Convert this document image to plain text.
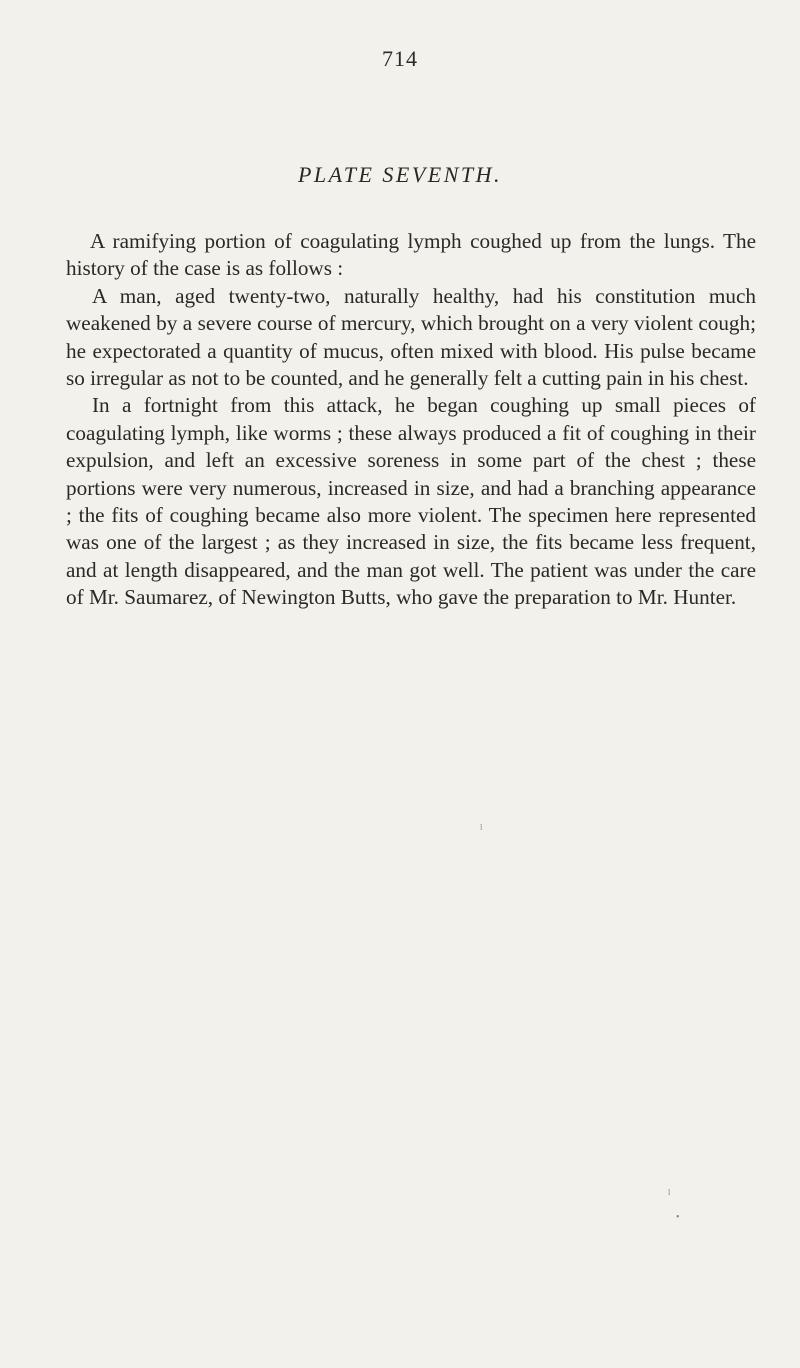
714
PLATE SEVENTH.

A ramifying portion of coagulating lymph coughed up from the lungs. The history of the case is as follows :

A man, aged twenty-two, naturally healthy, had his constitution much weakened by a severe course of mercury, which brought on a very violent cough; he expectorated a quantity of mucus, often mixed with blood. His pulse became so irregular as not to be counted, and he generally felt a cutting pain in his chest.

In a fortnight from this attack, he began coughing up small pieces of coagulating lymph, like worms ; these always produced a fit of coughing in their expulsion, and left an excessive soreness in some part of the chest ; these portions were very numerous, increased in size, and had a branching appearance ; the fits of coughing became also more violent. The specimen here represented was one of the largest ; as they increased in size, the fits became less frequent, and at length disappeared, and the man got well. The patient was under the care of Mr. Saumarez, of Newington Butts, who gave the preparation to Mr. Hunter.

ˡ
ˡ
•
